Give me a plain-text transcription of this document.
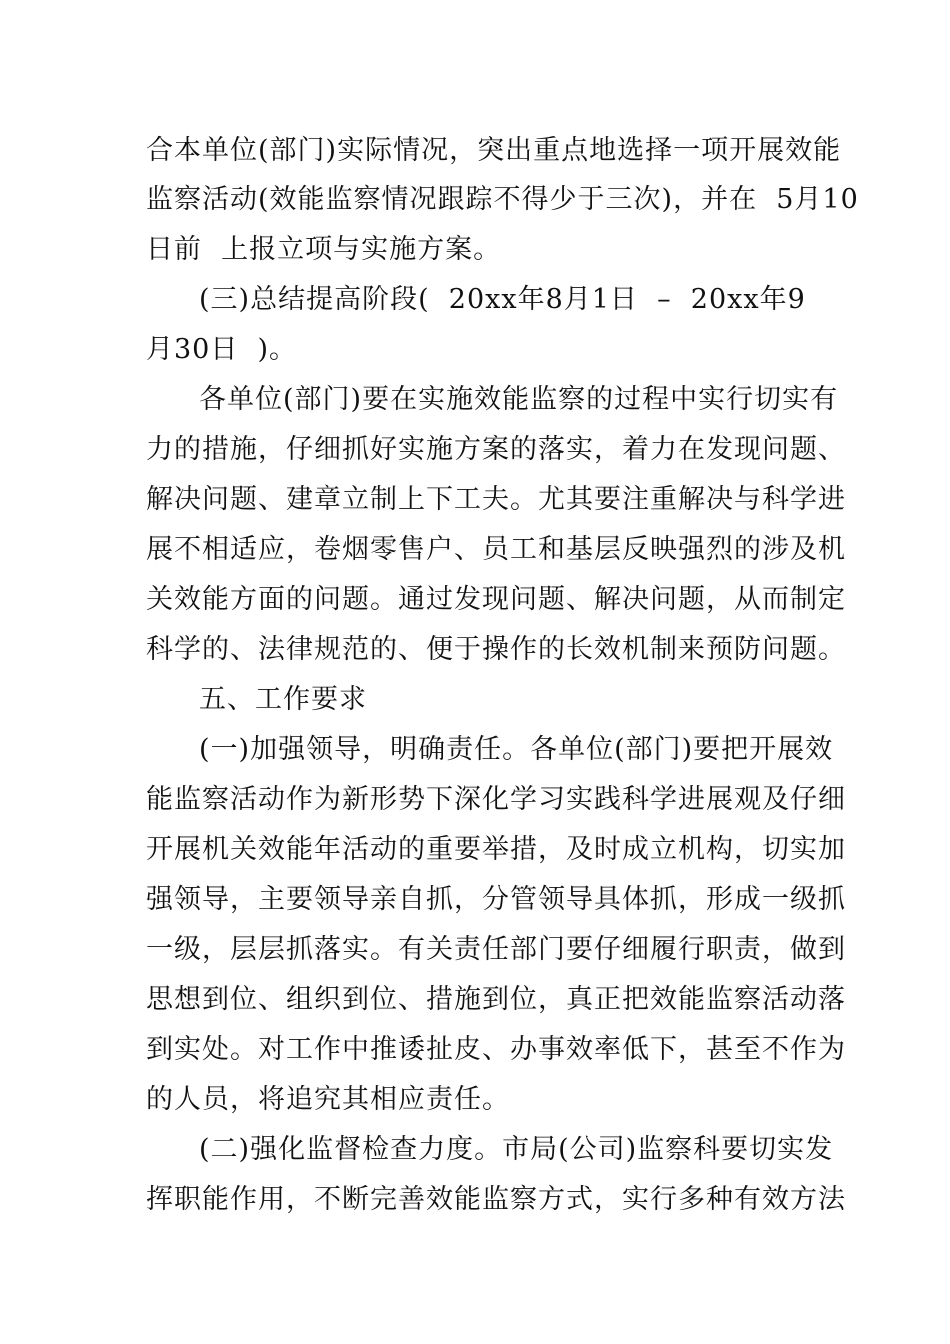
合本单位(部门)实际情况，突出重点地选择一项开展效能
监察活动(效能监察情况跟踪不得少于三次)，并在  5月10
日前  上报立项与实施方案。
(三)总结提高阶段(  20xx年8月1日  –  20xx年9
月30日  )。
各单位(部门)要在实施效能监察的过程中实行切实有
力的措施，仔细抓好实施方案的落实，着力在发现问题、
解决问题、建章立制上下工夫。尤其要注重解决与科学进
展不相适应，卷烟零售户、员工和基层反映强烈的涉及机
关效能方面的问题。通过发现问题、解决问题，从而制定
科学的、法律规范的、便于操作的长效机制来预防问题。
五、工作要求
(一)加强领导，明确责任。各单位(部门)要把开展效
能监察活动作为新形势下深化学习实践科学进展观及仔细
开展机关效能年活动的重要举措，及时成立机构，切实加
强领导，主要领导亲自抓，分管领导具体抓，形成一级抓
一级，层层抓落实。有关责任部门要仔细履行职责，做到
思想到位、组织到位、措施到位，真正把效能监察活动落
到实处。对工作中推诿扯皮、办事效率低下，甚至不作为
的人员，将追究其相应责任。
(二)强化监督检查力度。市局(公司)监察科要切实发
挥职能作用，不断完善效能监察方式，实行多种有效方法
